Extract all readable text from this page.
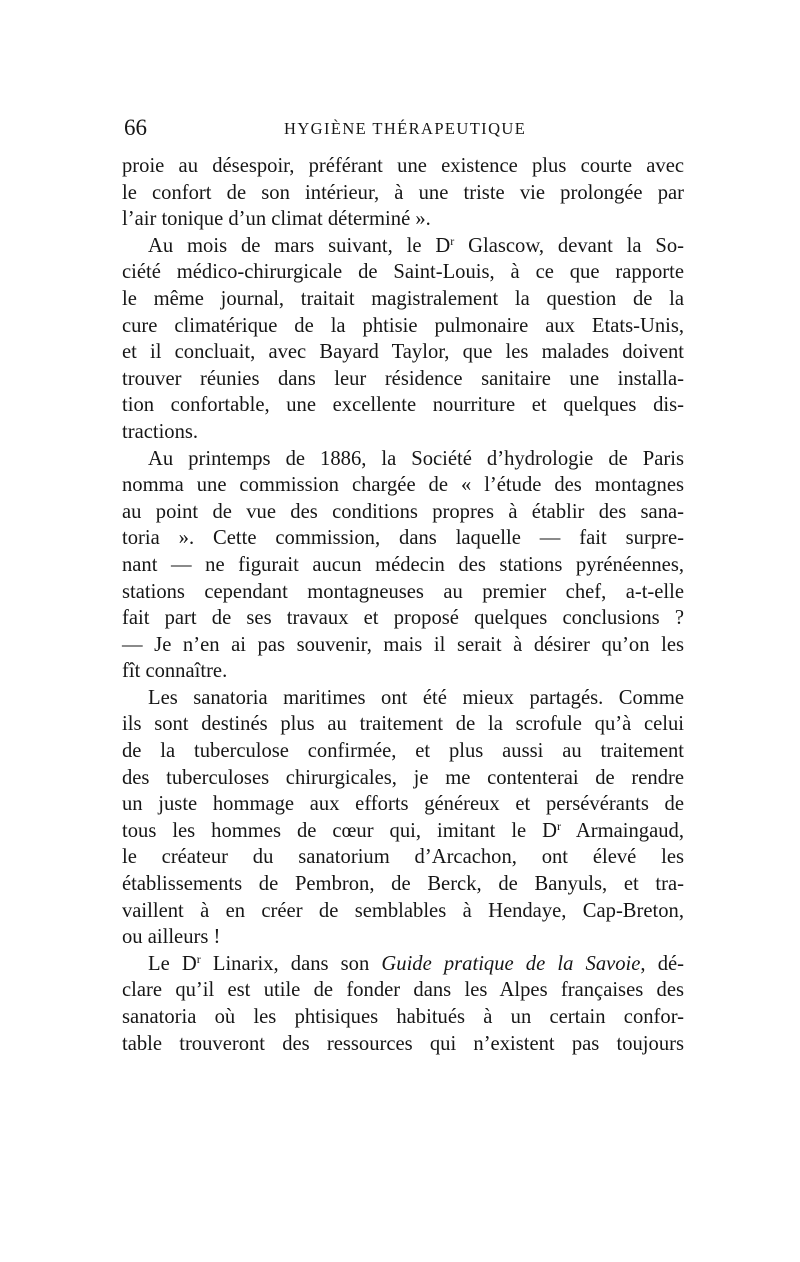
66	HYGIÈNE THÉRAPEUTIQUE
proie au désespoir, préférant une existence plus courte avec
le confort de son intérieur, à une triste vie prolongée par
l’air tonique d’un climat déterminé ».
Au mois de mars suivant, le $D^r$ Glascow, devant la So-
ciété médico-chirurgicale de Saint-Louis, à ce que rapporte
le même journal, traitait magistralement la question de la
cure climatérique de la phtisie pulmonaire aux Etats-Unis,
et il concluait, avec Bayard Taylor, que les malades doivent
trouver réunies dans leur résidence sanitaire une installa-
tion confortable, une excellente nourriture et quelques dis-
tractions.
Au printemps de 1886, la Société d’hydrologie de Paris
nomma une commission chargée de « l’étude des montagnes
au point de vue des conditions propres à établir des sana-
toria ». Cette commission, dans laquelle — fait surpre-
nant — ne figurait aucun médecin des stations pyrénéennes,
stations cependant montagneuses au premier chef, a-t-elle
fait part de ses travaux et proposé quelques conclusions ?
— Je n’en ai pas souvenir, mais il serait à désirer qu’on les
fît connaître.
Les sanatoria maritimes ont été mieux partagés. Comme
ils sont destinés plus au traitement de la scrofule qu’à celui
de la tuberculose confirmée, et plus aussi au traitement
des tuberculoses chirurgicales, je me contenterai de rendre
un juste hommage aux efforts généreux et persévérants de
tous les hommes de cœur qui, imitant le $D^r$ Armaingaud,
le créateur du sanatorium d’Arcachon, ont élevé les
établissements de Pembron, de Berck, de Banyuls, et tra-
vaillent à en créer de semblables à Hendaye, Cap-Breton,
ou ailleurs !
Le $D^r$ Linarix, dans son Guide pratique de la Savoie, dé-
clare qu’il est utile de fonder dans les Alpes françaises des
sanatoria où les phtisiques habitués à un certain confor-
table trouveront des ressources qui n’existent pas toujours
